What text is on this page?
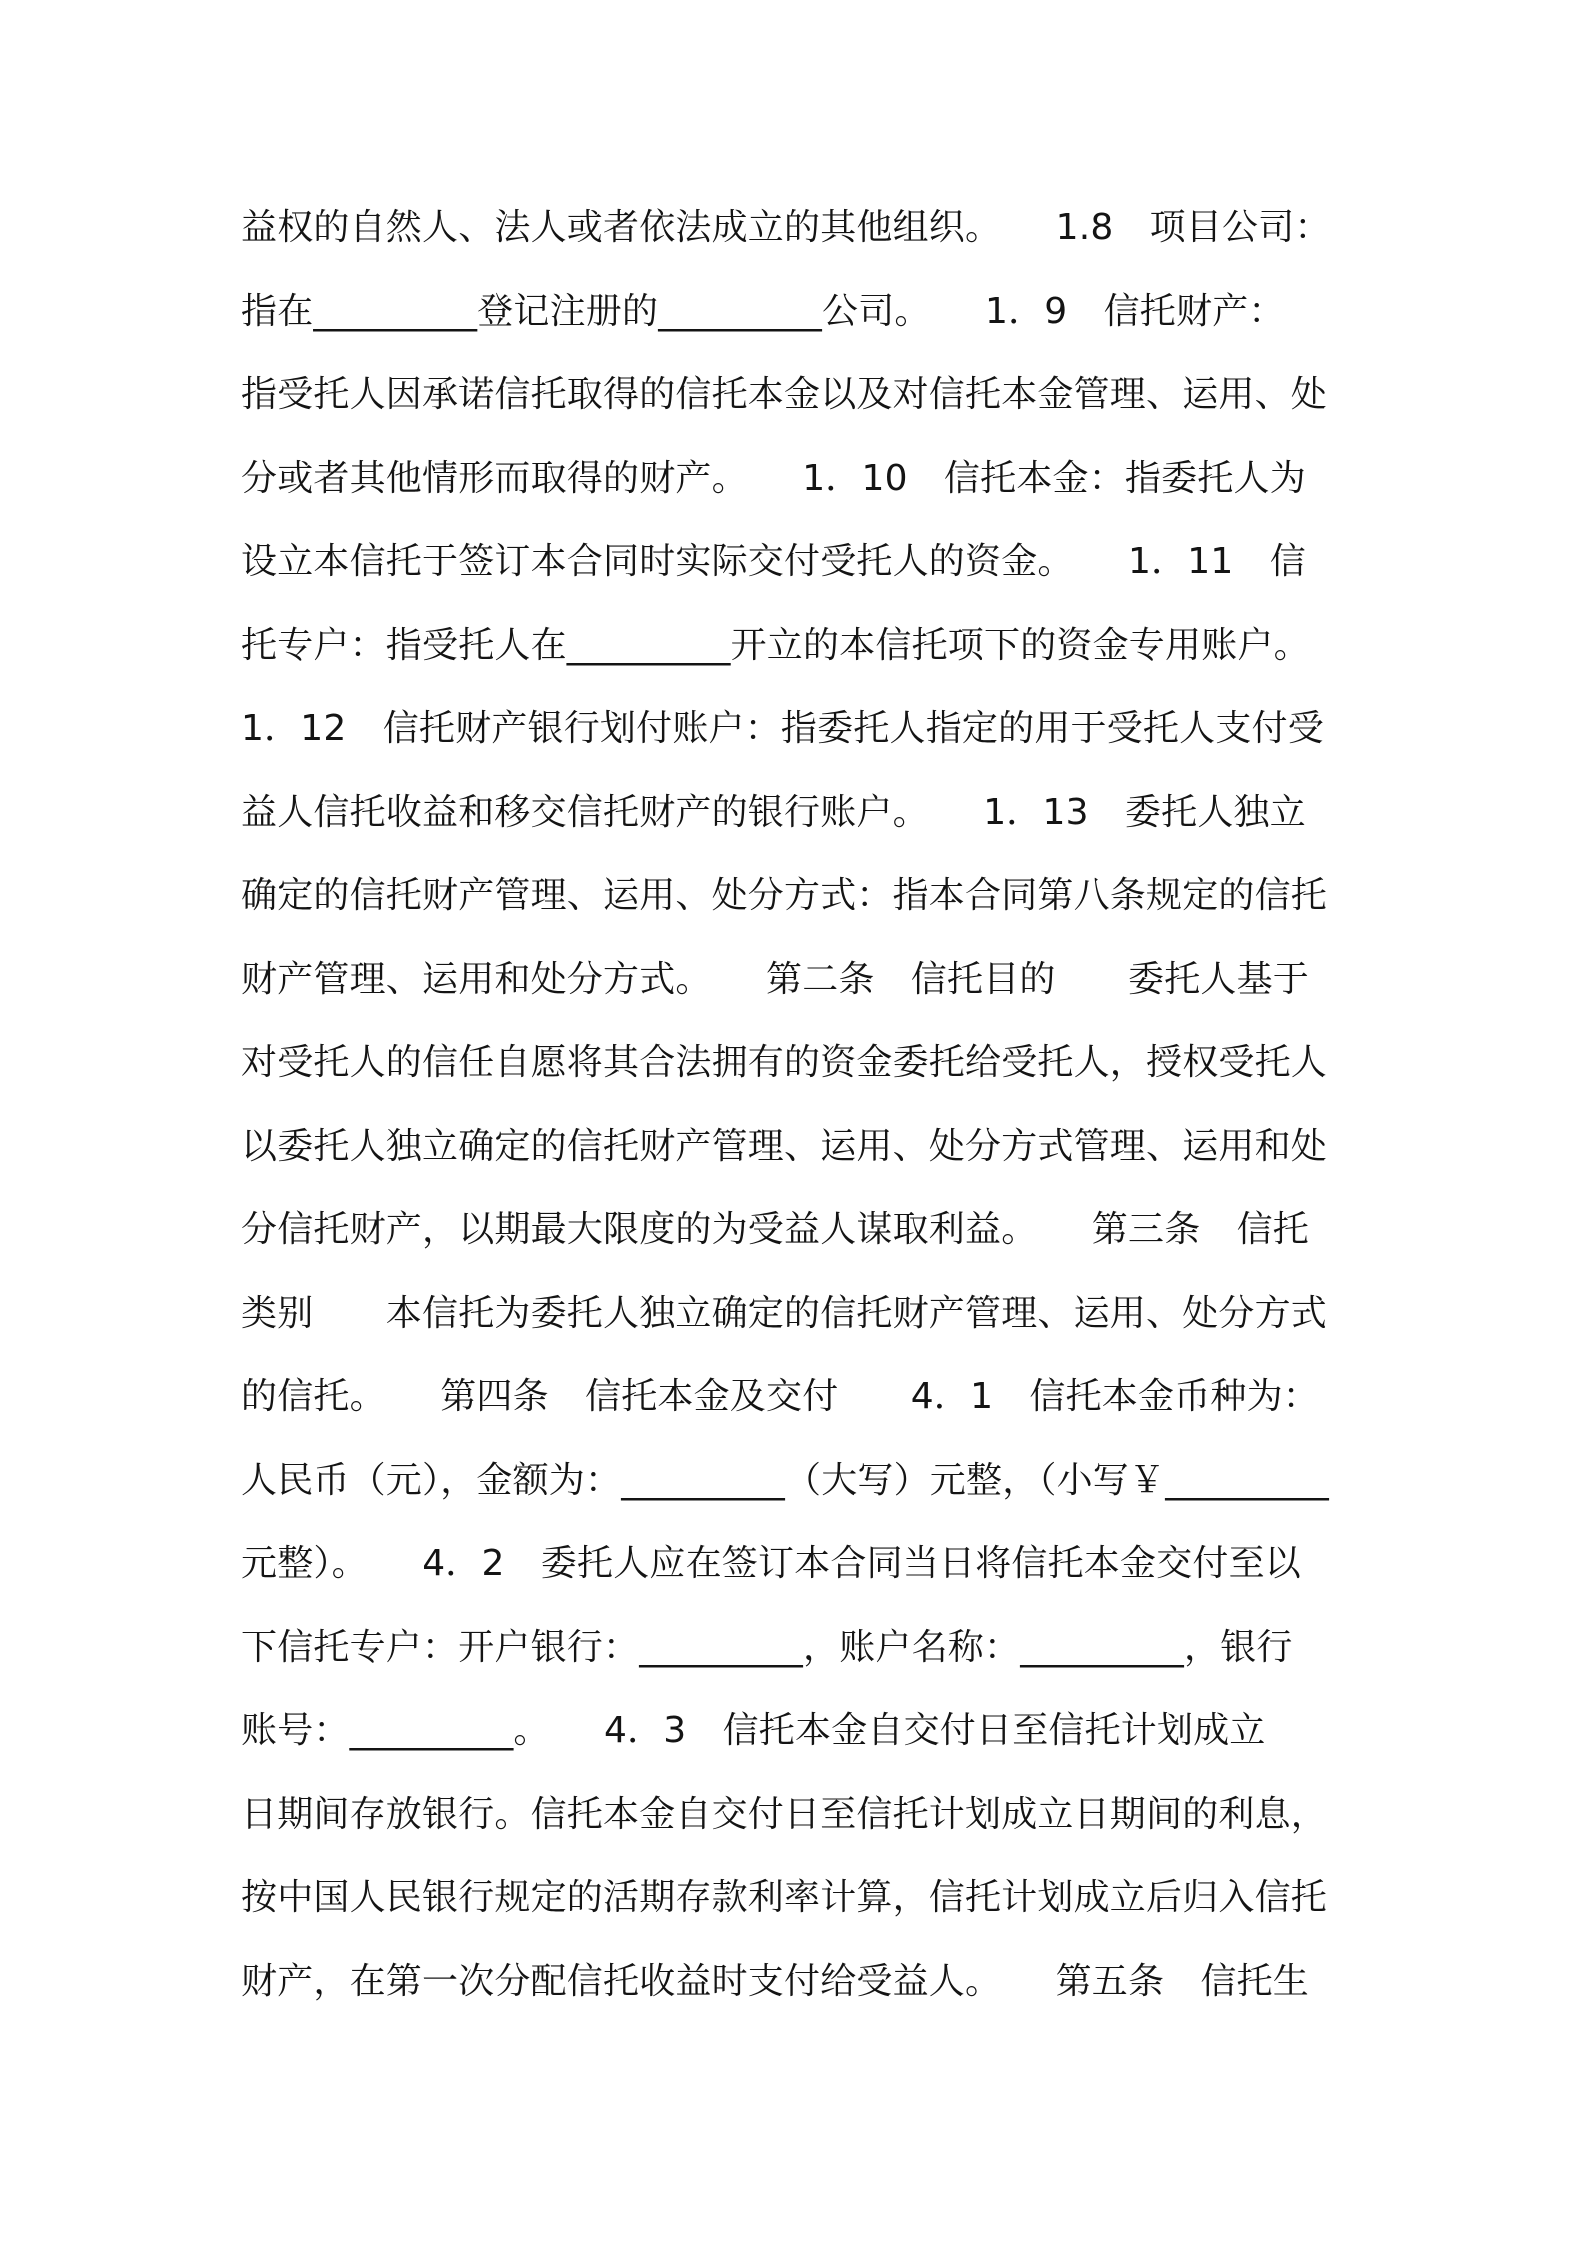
益权的自然人、法人或者依法成立的其他组织。　　1.8　项目公司：
指在_________登记注册的_________公司。　　1．9　信托财产：
指受托人因承诺信托取得的信托本金以及对信托本金管理、运用、处
分或者其他情形而取得的财产。　　1．10　信托本金：指委托人为
设立本信托于签订本合同时实际交付受托人的资金。　　1．11　信
托专户：指受托人在_________开立的本信托项下的资金专用账户。
1．12　信托财产银行划付账户：指委托人指定的用于受托人支付受
益人信托收益和移交信托财产的银行账户。　　1．13　委托人独立
确定的信托财产管理、运用、处分方式：指本合同第八条规定的信托
财产管理、运用和处分方式。　　第二条　信托目的　　委托人基于
对受托人的信任自愿将其合法拥有的资金委托给受托人，授权受托人
以委托人独立确定的信托财产管理、运用、处分方式管理、运用和处
分信托财产，以期最大限度的为受益人谋取利益。　　第三条　信托
类别　　本信托为委托人独立确定的信托财产管理、运用、处分方式
的信托。　　第四条　信托本金及交付　　4．1　信托本金币种为：
人民币（元），金额为：_________（大写）元整，（小写￥_________
元整）。　　4．2　委托人应在签订本合同当日将信托本金交付至以
下信托专户：开户银行：_________，账户名称：_________，银行
账号：_________。　　4．3　信托本金自交付日至信托计划成立
日期间存放银行。信托本金自交付日至信托计划成立日期间的利息，
按中国人民银行规定的活期存款利率计算，信托计划成立后归入信托
财产，在第一次分配信托收益时支付给受益人。　　第五条　信托生
